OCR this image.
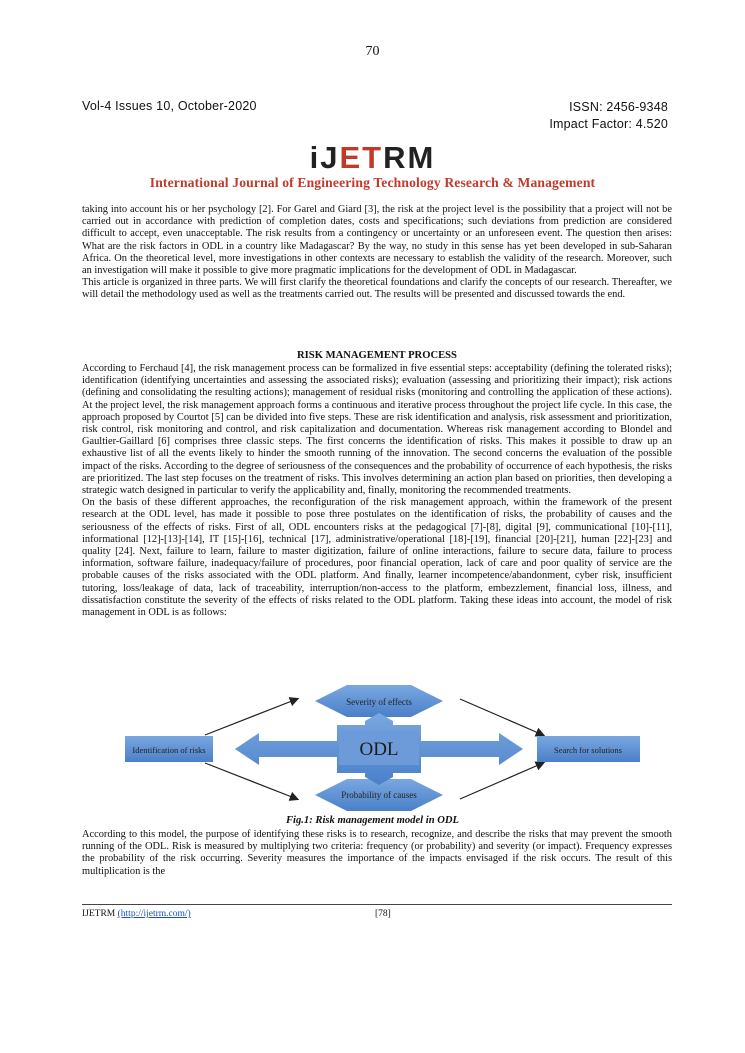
70
Vol-4 Issues 10, October-2020	ISSN: 2456-9348
Impact Factor: 4.520
iJETRM
International Journal of Engineering Technology Research & Management

taking into account his or her psychology [2]. For Garel and Giard [3], the risk at the project level is the possibility that a project will not be carried out in accordance with prediction of completion dates, costs and specifications; such deviations from prediction are considered difficult to accept, even unacceptable. The risk results from a contingency or uncertainty or an unforeseen event. The question then arises: What are the risk factors in ODL in a country like Madagascar? By the way, no study in this sense has yet been developed in sub-Saharan Africa. On the theoretical level, more investigations in other contexts are necessary to establish the validity of the research. Moreover, such an investigation will make it possible to give more pragmatic implications for the development of ODL in Madagascar.

This article is organized in three parts. We will first clarify the theoretical foundations and clarify the concepts of our research. Thereafter, we will detail the methodology used as well as the treatments carried out. The results will be presented and discussed towards the end.

RISK MANAGEMENT PROCESS

According to Ferchaud [4], the risk management process can be formalized in five essential steps: acceptability (defining the tolerated risks); identification (identifying uncertainties and assessing the associated risks); evaluation (assessing and prioritizing their impact); risk actions (defining and consolidating the resulting actions); management of residual risks (monitoring and controlling the application of these actions). At the project level, the risk management approach forms a continuous and iterative process throughout the project life cycle. In this case, the approach proposed by Courtot [5] can be divided into five steps. These are risk identification and analysis, risk assessment and prioritization, risk control, risk monitoring and control, and risk capitalization and documentation. Whereas risk management according to Blondel and Gaultier-Gaillard [6] comprises three classic steps. The first concerns the identification of risks. This makes it possible to draw up an exhaustive list of all the events likely to hinder the smooth running of the innovation. The second concerns the evaluation of the possible impact of the risks. According to the degree of seriousness of the consequences and the probability of occurrence of each hypothesis, the risks are prioritized. The last step focuses on the treatment of risks. This involves determining an action plan based on priorities, then developing a strategic watch designed in particular to verify the applicability and, finally, monitoring the recommended treatments.

On the basis of these different approaches, the reconfiguration of the risk management approach, within the framework of the present research at the ODL level, has made it possible to pose three postulates on the identification of risks, the probability of causes and the seriousness of the effects of risks. First of all, ODL encounters risks at the pedagogical [7]-[8], digital [9], communicational [10]-[11], informational [12]-[13]-[14], IT [15]-[16], technical [17], administrative/operational [18]-[19], financial [20]-[21], human [22]-[23] and quality [24]. Next, failure to learn, failure to master digitization, failure of online interactions, failure to secure data, failure to process information, software failure, inadequacy/failure of procedures, poor financial operation, lack of care and poor quality of service are the probable causes of the risks associated with the ODL platform. And finally, learner incompetence/abandonment, cyber risk, insufficient tutoring, loss/leakage of data, lack of traceability, interruption/non-access to the platform, embezzlement, financial loss, illness, and dissatisfaction constitute the severity of the effects of risks related to the ODL platform. Taking these ideas into account, the model of risk management in ODL is as follows:

Severity of effects
Probability of causes
Identification of risks	Search for solutions
ODL
Fig.1: Risk management model in ODL

According to this model, the purpose of identifying these risks is to research, recognize, and describe the risks that may prevent the smooth running of the ODL. Risk is measured by multiplying two criteria: frequency (or probability) and severity (or impact). Frequency expresses the probability of the risk occurring. Severity measures the importance of the impacts envisaged if the risk occurs. The result of this multiplication is the

IJETRM (http://ijetrm.com/)	[78]
